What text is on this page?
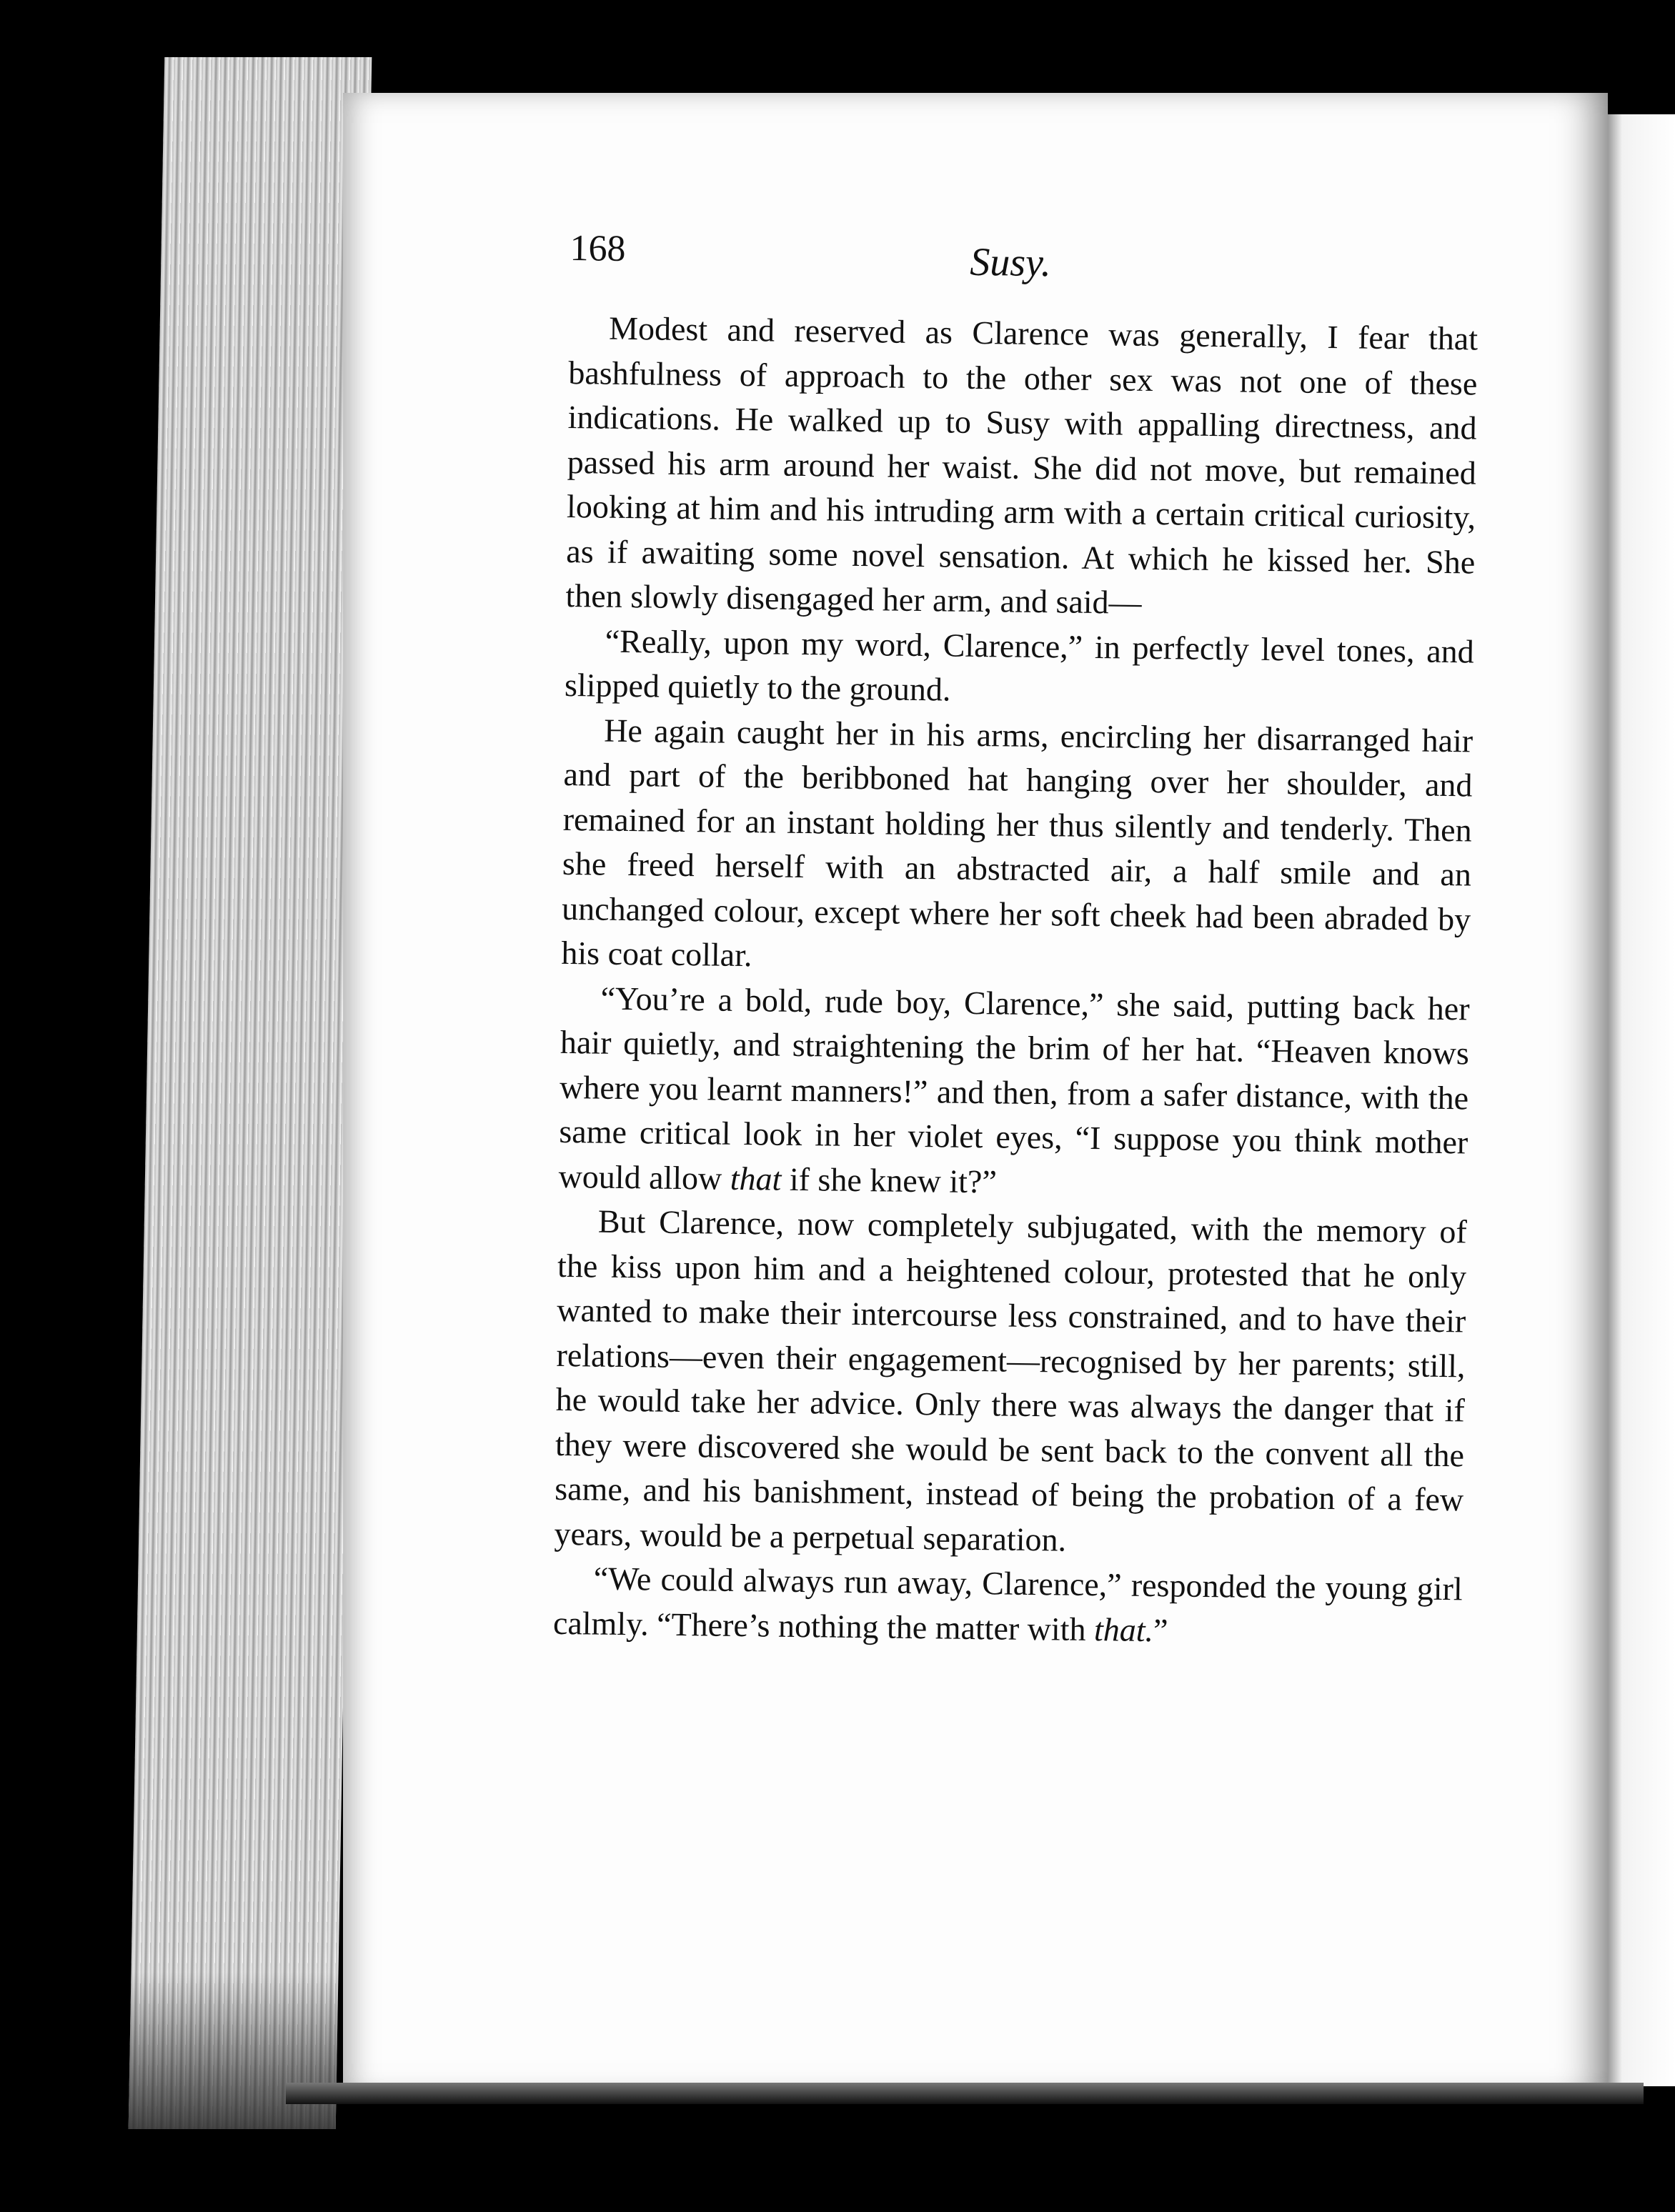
168	Susy.

Modest and reserved as Clarence was generally, I fear that bashfulness of approach to the other sex was not one of these indications. He walked up to Susy with appalling directness, and passed his arm around her waist. She did not move, but remained looking at him and his intruding arm with a certain critical curiosity, as if awaiting some novel sensation. At which he kissed her. She then slowly disengaged her arm, and said—

“Really, upon my word, Clarence,” in perfectly level tones, and slipped quietly to the ground.

He again caught her in his arms, encircling her disarranged hair and part of the beribboned hat hanging over her shoulder, and remained for an instant holding her thus silently and tenderly. Then she freed herself with an abstracted air, a half smile and an unchanged colour, except where her soft cheek had been abraded by his coat collar.

“You’re a bold, rude boy, Clarence,” she said, putting back her hair quietly, and straightening the brim of her hat. “Heaven knows where you learnt manners!” and then, from a safer distance, with the same critical look in her violet eyes, “I suppose you think mother would allow that if she knew it?”

But Clarence, now completely subjugated, with the memory of the kiss upon him and a heightened colour, protested that he only wanted to make their intercourse less constrained, and to have their relations—even their engagement—recognised by her parents; still, he would take her advice. Only there was always the danger that if they were discovered she would be sent back to the convent all the same, and his banishment, instead of being the probation of a few years, would be a perpetual separation.

“We could always run away, Clarence,” responded the young girl calmly. “There’s nothing the matter with that.”
